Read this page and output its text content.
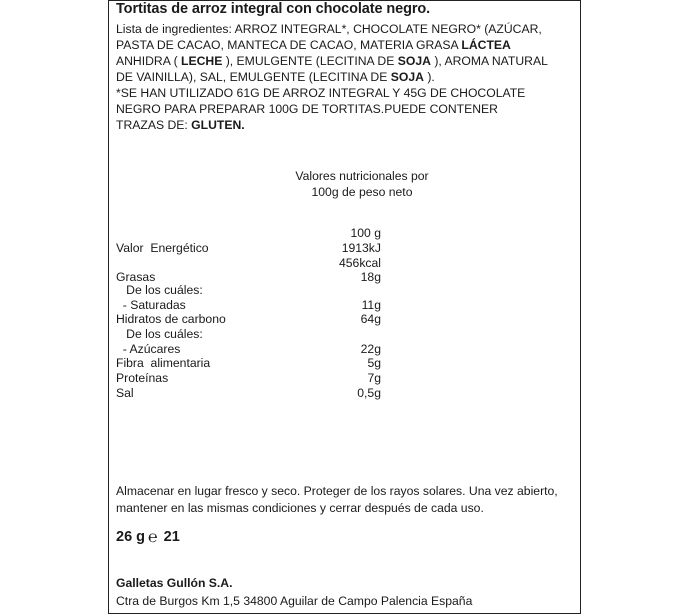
Tortitas de arroz integral con chocolate negro.
Lista de ingredientes: ARROZ INTEGRAL*, CHOCOLATE NEGRO* (AZÚCAR,
PASTA DE CACAO, MANTECA DE CACAO, MATERIA GRASA LÁCTEA
ANHIDRA ( LECHE ), EMULGENTE (LECITINA DE SOJA ), AROMA NATURAL
DE VAINILLA), SAL, EMULGENTE (LECITINA DE SOJA ).
*SE HAN UTILIZADO 61G DE ARROZ INTEGRAL Y 45G DE CHOCOLATE
NEGRO PARA PREPARAR 100G DE TORTITAS.PUEDE CONTENER
TRAZAS DE: GLUTEN.
Valores nutricionales por
100g de peso neto
100 g
Valor  Energético	1913kJ
456kcal
Grasas	18g
De los cuáles:
- Saturadas	11g
Hidratos de carbono	64g
De los cuáles:
- Azúcares	22g
Fibra  alimentaria	5g
Proteínas	7g
Sal	0,5g
Almacenar en lugar fresco y seco. Proteger de los rayos solares. Una vez abierto,
mantener en las mismas condiciones y cerrar después de cada uso.
26 g ℮ 21
Galletas Gullón S.A.
Ctra de Burgos Km 1,5 34800 Aguilar de Campo Palencia España
